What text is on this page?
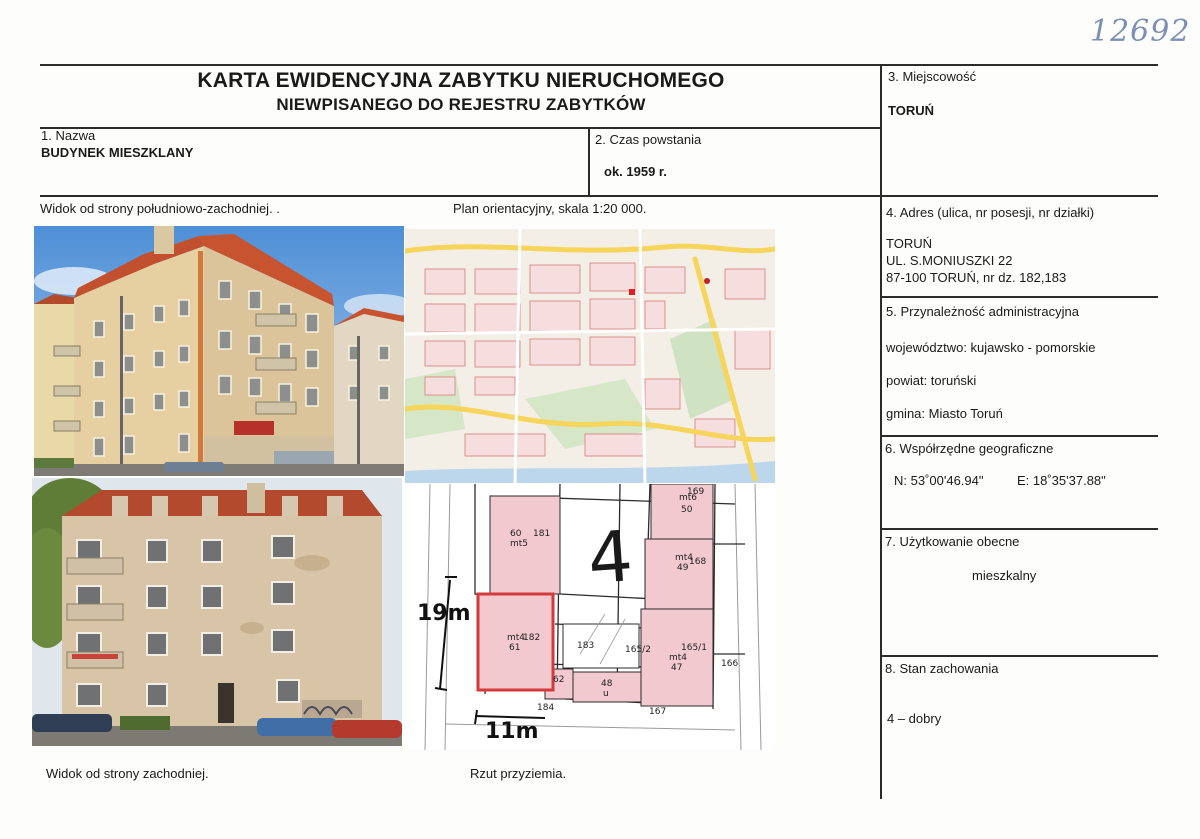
12692
KARTA EWIDENCYJNA ZABYTKU NIERUCHOMEGO
NIEWPISANEGO DO REJESTRU ZABYTKÓW
1. Nazwa
BUDYNEK MIESZKLANY
2. Czas powstania
ok. 1959 r.
3. Miejscowość
TORUŃ
4. Adres (ulica, nr posesji, nr działki)
TORUŃ
UL. S.MONIUSZKI 22
87-100 TORUŃ, nr dz. 182,183
5. Przynależność administracyjna
województwo: kujawsko - pomorskie
powiat: toruński
gmina: Miasto Toruń
6. Współrzędne geograficzne
N: 53˚00'46.94"	E: 18˚35'37.88"
7. Użytkowanie obecne
mieszkalny
8. Stan zachowania
4 – dobry
Widok od strony południowo-zachodniej. .	Plan orientacyjny, skala 1:20 000.
Widok od strony zachodniej.	Rzut przyziemia.
4
19m
11m
60
mt5
181
mt6
50
169
mt4
49
168
mt4
61
182
183	165/2
mt4
47
165/1
62	48
u
166
184	167
